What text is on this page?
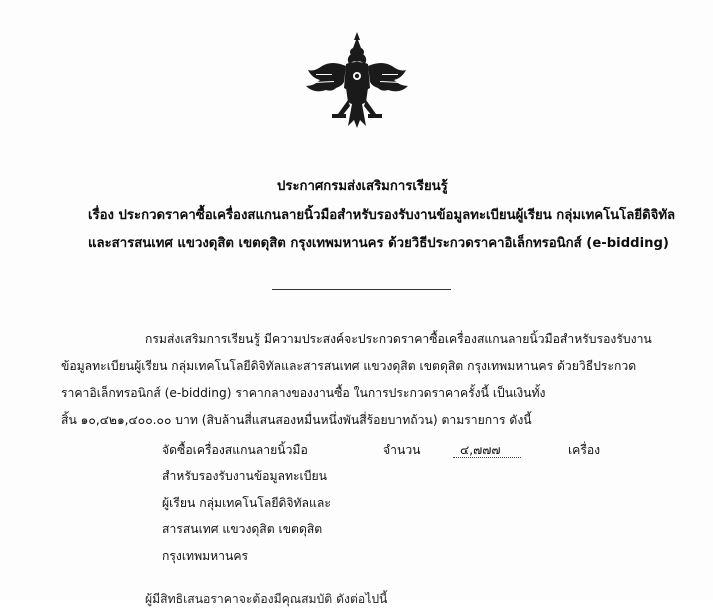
ประกาศกรมส่งเสริมการเรียนรู้
เรื่อง ประกวดราคาซื้อเครื่องสแกนลายนิ้วมือสำหรับรองรับงานข้อมูลทะเบียนผู้เรียน กลุ่มเทคโนโลยีดิจิทัล
และสารสนเทศ แขวงดุสิต เขตดุสิต กรุงเทพมหานคร ด้วยวิธีประกวดราคาอิเล็กทรอนิกส์ (e-bidding)
กรมส่งเสริมการเรียนรู้ มีความประสงค์จะประกวดราคาซื้อเครื่องสแกนลายนิ้วมือสำหรับรองรับงาน
ข้อมูลทะเบียนผู้เรียน กลุ่มเทคโนโลยีดิจิทัลและสารสนเทศ แขวงดุสิต เขตดุสิต กรุงเทพมหานคร ด้วยวิธีประกวด
ราคาอิเล็กทรอนิกส์ (e-bidding) ราคากลางของงานซื้อ ในการประกวดราคาครั้งนี้ เป็นเงินทั้ง
สิ้น ๑๐,๔๒๑,๔๐๐.๐๐ บาท (สิบล้านสี่แสนสองหมื่นหนึ่งพันสี่ร้อยบาทถ้วน) ตามรายการ ดังนี้
จัดซื้อเครื่องสแกนลายนิ้วมือ
สำหรับรองรับงานข้อมูลทะเบียน
ผู้เรียน กลุ่มเทคโนโลยีดิจิทัลและ
สารสนเทศ แขวงดุสิต เขตดุสิต
กรุงเทพมหานคร
จำนวน	๔,๗๗๗	เครื่อง
ผู้มีสิทธิเสนอราคาจะต้องมีคุณสมบัติ ดังต่อไปนี้
